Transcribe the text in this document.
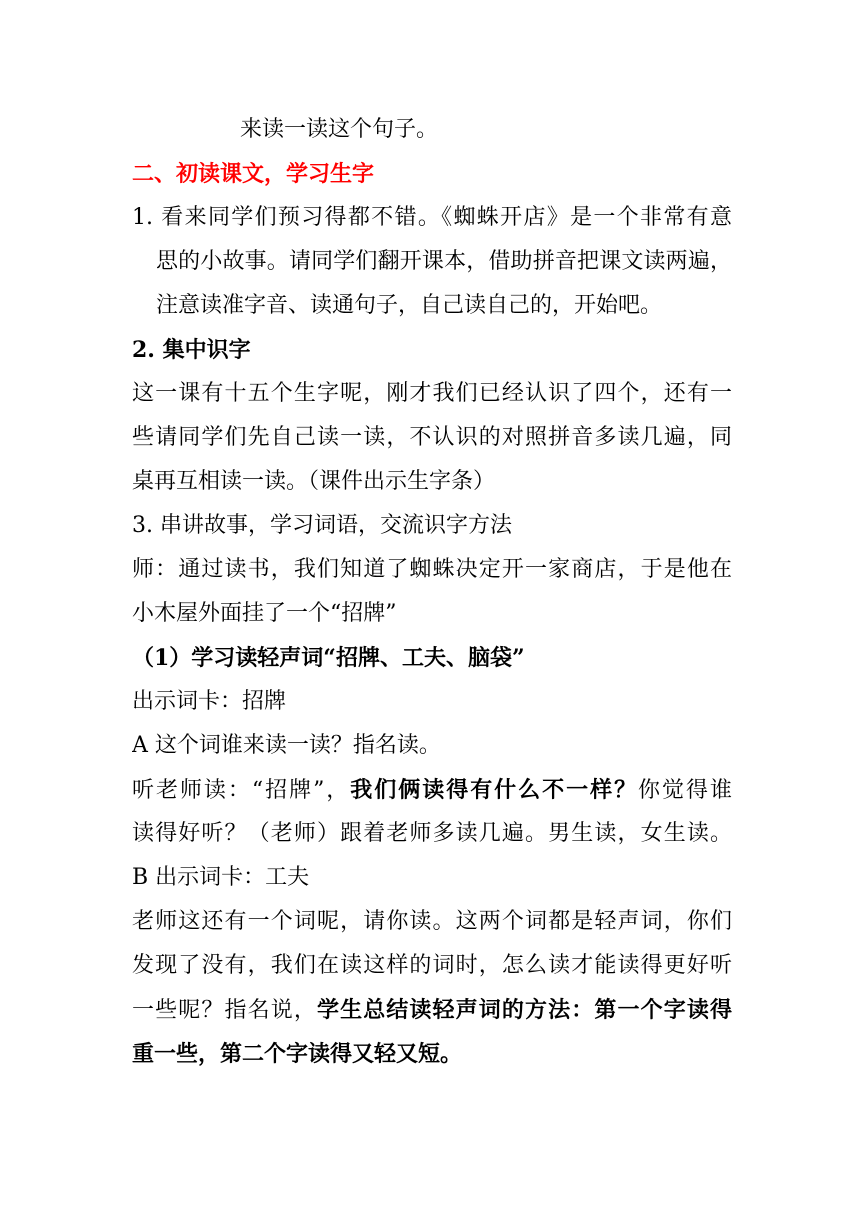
来读一读这个句子。
二、初读课文，学习生字
1. 看来同学们预习得都不错。《蜘蛛开店》是一个非常有意
思的小故事。请同学们翻开课本，借助拼音把课文读两遍，
注意读准字音、读通句子，自己读自己的，开始吧。
2. 集中识字
这一课有十五个生字呢，刚才我们已经认识了四个，还有一
些请同学们先自己读一读，不认识的对照拼音多读几遍，同
桌再互相读一读。（课件出示生字条）
3. 串讲故事，学习词语，交流识字方法
师：通过读书，我们知道了蜘蛛决定开一家商店，于是他在
小木屋外面挂了一个“招牌”
（1）学习读轻声词“招牌、工夫、脑袋”
出示词卡：招牌
A 这个词谁来读一读？指名读。
听老师读：“招牌”，我们俩读得有什么不一样？你觉得谁
读得好听？（老师）跟着老师多读几遍。男生读，女生读。
B 出示词卡：工夫
老师这还有一个词呢，请你读。这两个词都是轻声词，你们
发现了没有，我们在读这样的词时，怎么读才能读得更好听
一些呢？指名说，学生总结读轻声词的方法：第一个字读得
重一些，第二个字读得又轻又短。
